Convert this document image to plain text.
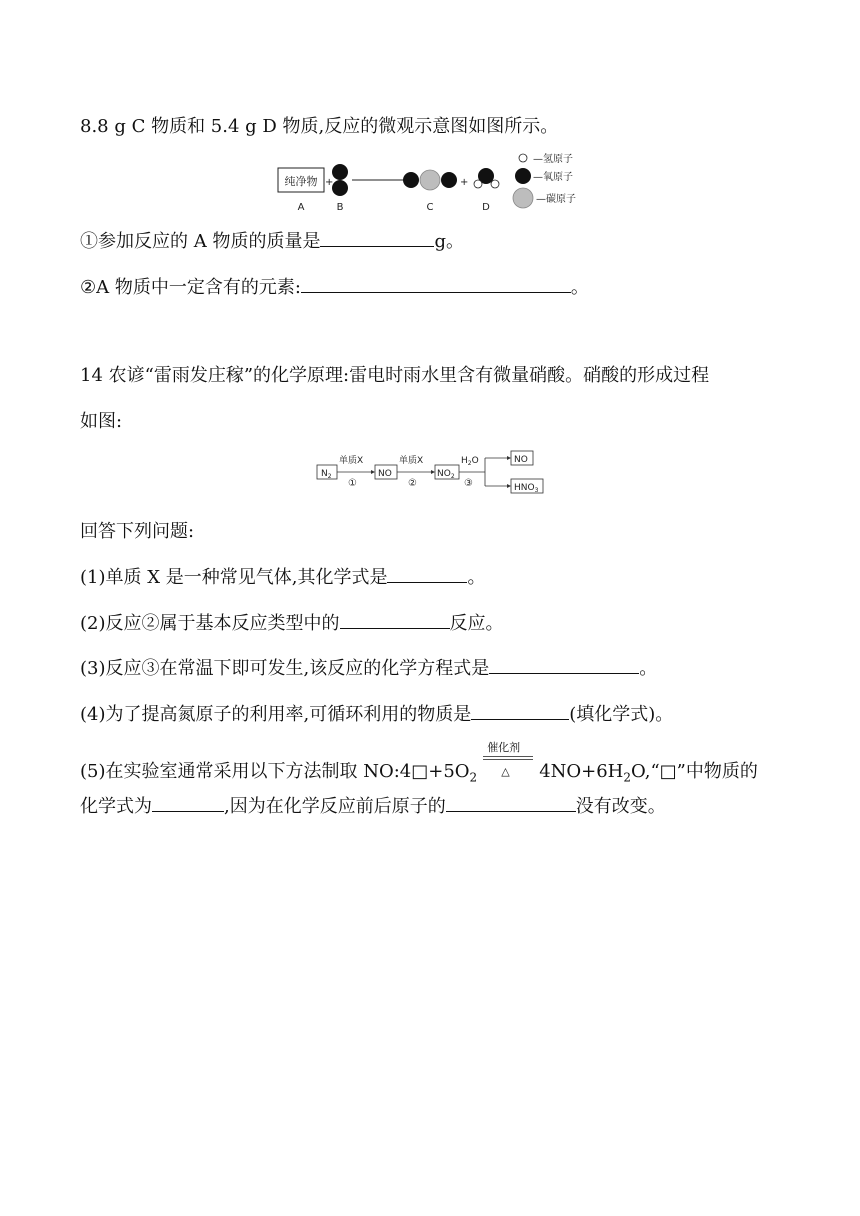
8.8 g C 物质和 5.4 g D 物质,反应的微观示意图如图所示。
纯净物 +	+
A	B	C	D
—氢原子
—氧原子
—碳原子
①参加反应的 A 物质的质量是	g。
②A 物质中一定含有的元素:	。
14 农谚“雷雨发庄稼”的化学原理:雷电时雨水里含有微量硝酸。硝酸的形成过程
如图:
$N_2$
单质X
①
NO
单质X
②
$NO_2$
$H_2O$
③
NO
$HNO_3$
回答下列问题:
(1)单质 X 是一种常见气体,其化学式是	。
(2)反应②属于基本反应类型中的	反应。
(3)反应③在常温下即可发生,该反应的化学方程式是	。
(4)为了提高氮原子的利用率,可循环利用的物质是	(填化学式)。
(5)在实验室通常采用以下方法制取 $NO:4□+5O_2$
催化剂
△ $4NO+6H_2O,“□$”中物质的
化学式为	,因为在化学反应前后原子的	没有改变。
